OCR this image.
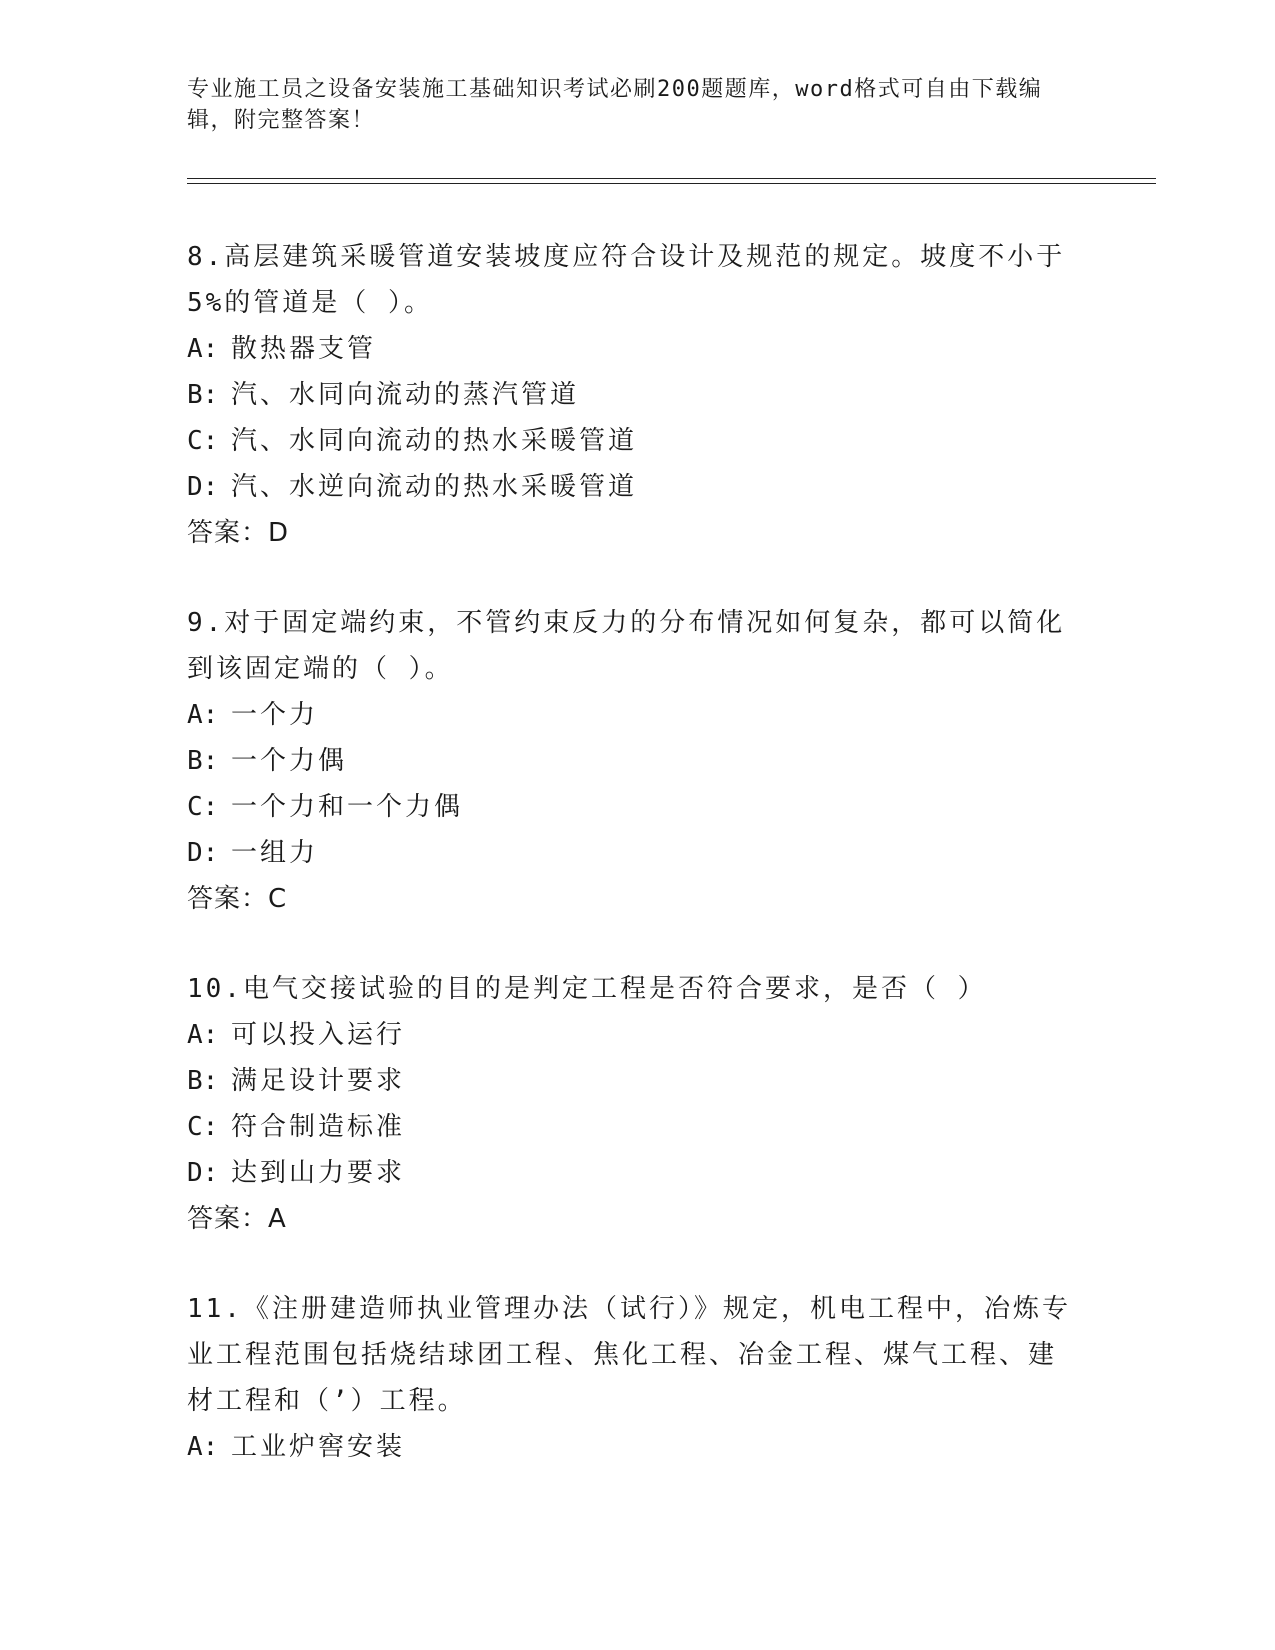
专业施工员之设备安装施工基础知识考试必刷200题题库，word格式可自由下载编辑，附完整答案！

8.高层建筑采暖管道安装坡度应符合设计及规范的规定。坡度不小于5%的管道是（ ）。

A: 散热器支管

B: 汽、水同向流动的蒸汽管道

C: 汽、水同向流动的热水采暖管道

D: 汽、水逆向流动的热水采暖管道

答案：D

9.对于固定端约束，不管约束反力的分布情况如何复杂，都可以简化到该固定端的（ ）。

A: 一个力

B: 一个力偶

C: 一个力和一个力偶

D: 一组力

答案：C

10.电气交接试验的目的是判定工程是否符合要求，是否（ ）

A: 可以投入运行

B: 满足设计要求

C: 符合制造标准

D: 达到山力要求

答案：A

11.《注册建造师执业管理办法（试行）》规定，机电工程中，冶炼专业工程范围包括烧结球团工程、焦化工程、冶金工程、煤气工程、建材工程和（’）工程。

A: 工业炉窖安装
